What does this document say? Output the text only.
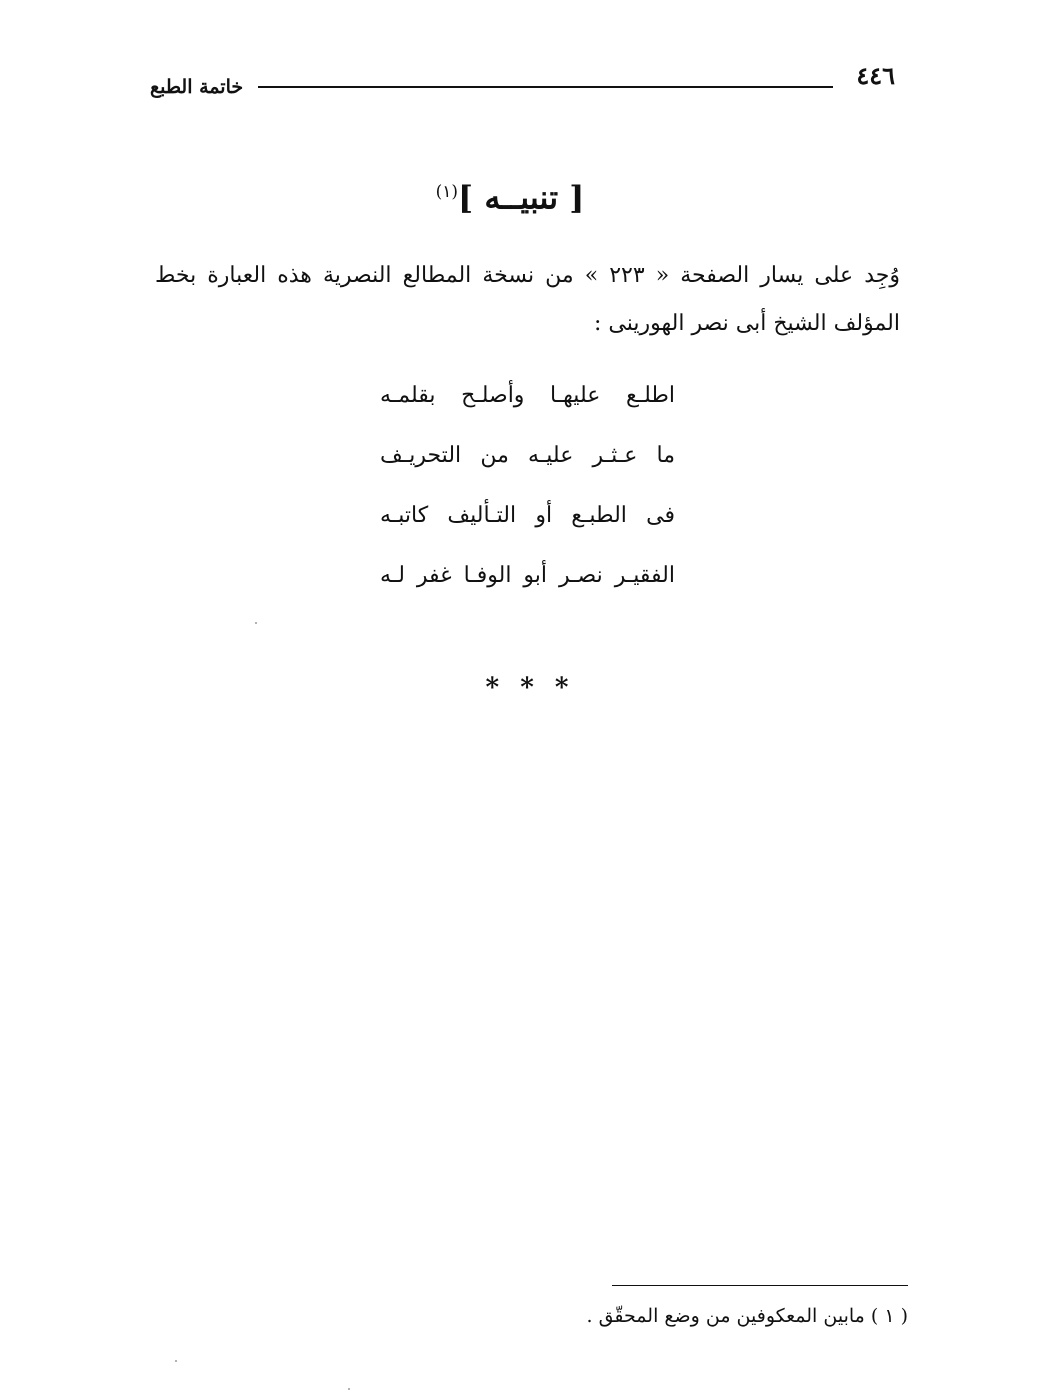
٤٤٦
خاتمة الطبع
[ تنبيــه ]$^{(١)}$
وُجِد على يسار الصفحة « ٢٢٣ » من نسخة المطالع النصرية هذه العبارة بخط المؤلف الشيخ أبى نصر الهورينى :
اطلـع عليهـا وأصلـح بقلمـه
ما عـثـر عليـه من التحريـف
فى الطبـع أو التـأليف كاتبـه
الفقيـر نصـر أبو الوفـا غفر لـه
* * *
( ١ ) مابين المعكوفين من وضع المحقّق .
